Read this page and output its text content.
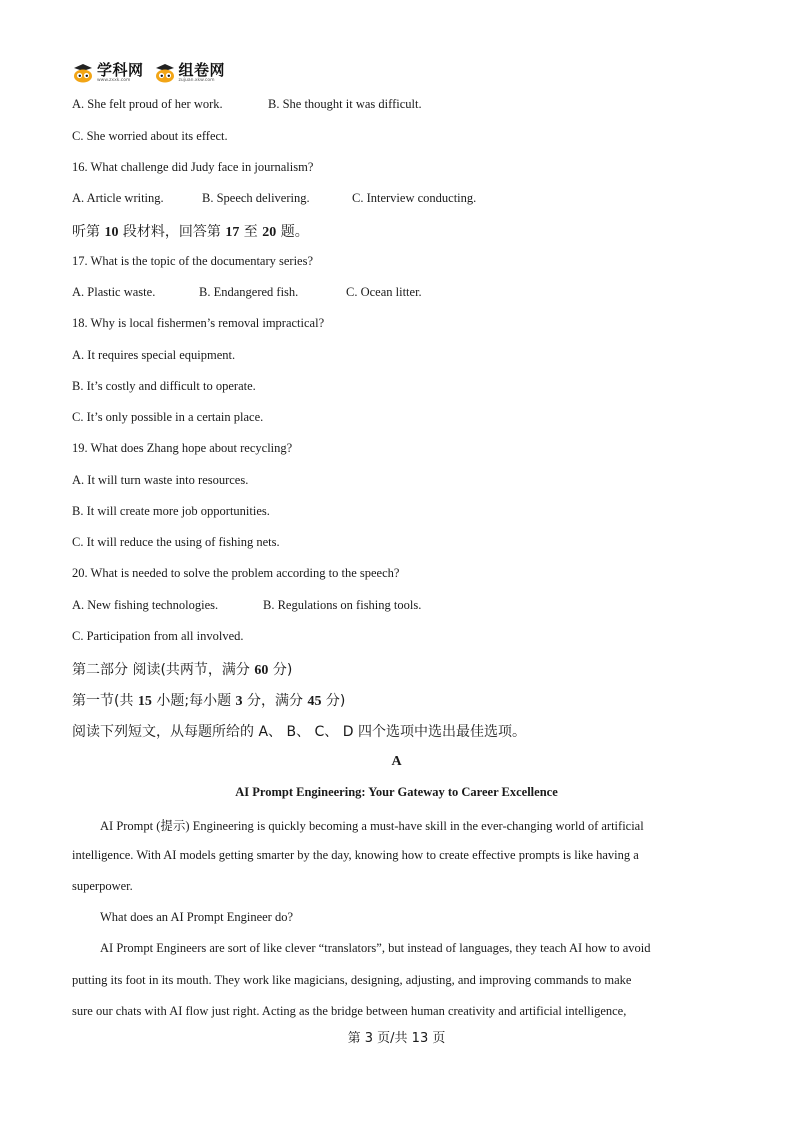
学科网
www.zxxk.com
组卷网
zujuan.xkw.com
A. She felt proud of her work.	B. She thought it was difficult.
C. She worried about its effect.
16. What challenge did Judy face in journalism?
A. Article writing.	B. Speech delivering.	C. Interview conducting.
听第 10 段材料，回答第 17 至 20 题。
17. What is the topic of the documentary series?
A. Plastic waste.	B. Endangered fish.	C. Ocean litter.
18. Why is local fishermen’s removal impractical?
A. It requires special equipment.
B. It’s costly and difficult to operate.
C. It’s only possible in a certain place.
19. What does Zhang hope about recycling?
A. It will turn waste into resources.
B. It will create more job opportunities.
C. It will reduce the using of fishing nets.
20. What is needed to solve the problem according to the speech?
A. New fishing technologies.	B. Regulations on fishing tools.
C. Participation from all involved.
第二部分 阅读(共两节，满分 60 分)
第一节(共 15 小题;每小题 3 分，满分 45 分)
阅读下列短文，从每题所给的 A、 B、 C、 D 四个选项中选出最佳选项。
A
AI Prompt Engineering: Your Gateway to Career Excellence
AI Prompt (提示) Engineering is quickly becoming a must-have skill in the ever-changing world of artificial
intelligence. With AI models getting smarter by the day, knowing how to create effective prompts is like having a
superpower.
What does an AI Prompt Engineer do?
AI Prompt Engineers are sort of like clever “translators”, but instead of languages, they teach AI how to avoid
putting its foot in its mouth. They work like magicians, designing, adjusting, and improving commands to make
sure our chats with AI flow just right. Acting as the bridge between human creativity and artificial intelligence,
第 3 页/共 13 页
